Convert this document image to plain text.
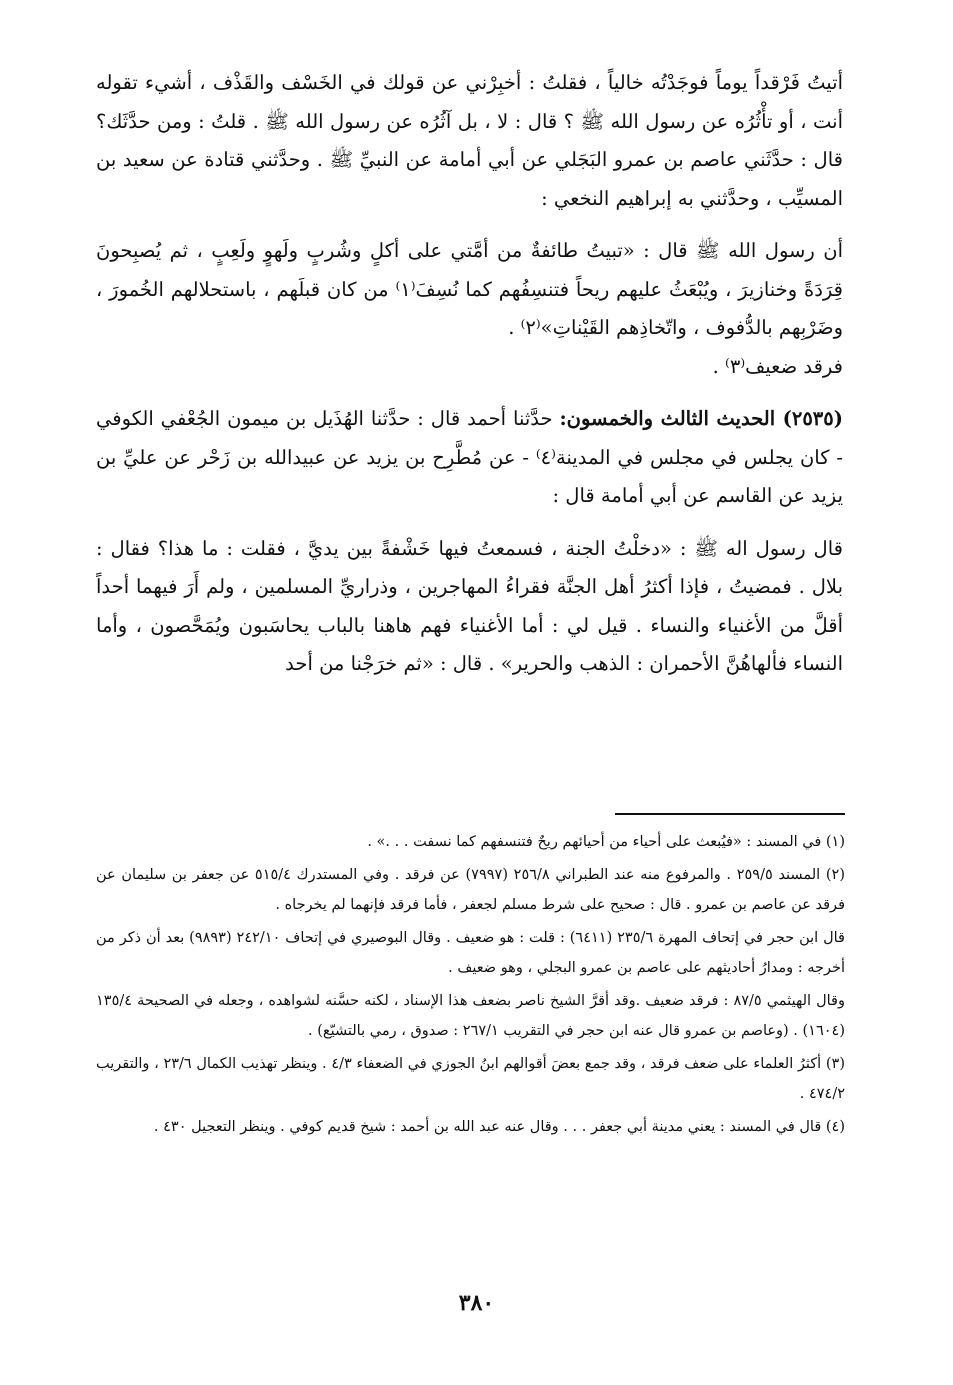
أتيتُ فَرْقداً يوماً فوجَدْتُه خالياً ، فقلتُ : أخبِرْني عن قولك في الخَسْف والقَذْف ، أشيء تقوله أنت ، أو تأْثُرُه عن رسول الله ﷺ ؟ قال : لا ، بل آثُرُه عن رسول الله ﷺ . قلتُ : ومن حدَّثَك؟ قال : حدَّثَني عاصم بن عمرو البَجَلي عن أبي أمامة عن النبيِّ ﷺ . وحدَّثني قتادة عن سعيد بن المسيِّب ، وحدَّثني به إبراهيم النخعي :

أن رسول الله ﷺ قال : «تبيتُ طائفةٌ من أمَّتي على أكلٍ وشُربٍ ولَهوٍ ولَعِبٍ ، ثم يُصبِحونَ قِرَدَةً وخنازيرَ ، ويُبْعَثُ عليهم ريحاً فتنسِفُهم كما نُسِفَ⁽١⁾ من كان قبلَهم ، باستحلالهم الخُمورَ ، وضَرْبِهم بالدُّفوف ، واتّخاذِهم القَيْناتِ»⁽٢⁾ .

فرقد ضعيف⁽٣⁾ .

(٢٥٣٥) الحديث الثالث والخمسون: حدَّثنا أحمد قال : حدَّثنا الهُذَيل بن ميمون الجُعْفي الكوفي - كان يجلس في مجلس في المدينة⁽٤⁾ - عن مُطَّرِح بن يزيد عن عبيدالله بن زَحْر عن عليِّ بن يزيد عن القاسم عن أبي أمامة قال :

قال رسول اله ﷺ : «دخلْتُ الجنة ، فسمعتُ فيها خَشْفةً بين يديَّ ، فقلت : ما هذا؟ فقال : بلال . فمضيتُ ، فإذا أكثرُ أهل الجنَّة فقراءُ المهاجرين ، وذراريِّ المسلمين ، ولم أَرَ فيهما أحداً أقلَّ من الأغنياء والنساء . قيل لي : أما الأغنياء فهم هاهنا بالباب يحاسَبون ويُمَحَّصون ، وأما النساء فألهاهُنَّ الأحمران : الذهب والحرير» . قال : «ثم خرَجْنا من أحد

(١) في المسند : «فيُبعث على أحياء من أحيائهم ريحٌ فتنسفهم كما نسفت . . .» .

(٢) المسند ٢٥٩/٥ . والمرفوع منه عند الطبراني ٢٥٦/٨ (٧٩٩٧) عن فرقد . وفي المستدرك ٥١٥/٤ عن جعفر بن سليمان عن فرقد عن عاصم بن عمرو . قال : صحيح على شرط مسلم لجعفر ، فأما فرقد فإنهما لم يخرجاه .

قال ابن حجر في إتحاف المهرة ٢٣٥/٦ (٦٤١١) : قلت : هو ضعيف . وقال البوصيري في إتحاف ٢٤٢/١٠ (٩٨٩٣) بعد أن ذكر من أخرجه : ومدارُ أحاديثهم على عاصم بن عمرو البجلي ، وهو ضعيف .

وقال الهيثمي ٨٧/٥ : فرقد ضعيف .وقد أقرَّ الشيخ ناصر بضعف هذا الإسناد ، لكنه حسَّنه لشواهده ، وجعله في الصحيحة ١٣٥/٤ (١٦٠٤) . (وعاصم بن عمرو قال عنه ابن حجر في التقريب ٢٦٧/١ : صدوق ، رمي بالتشيّع) .

(٣) أكثرُ العلماء على ضعف فرقد ، وقد جمع بعضَ أقوالهم ابنُ الجوزي في الضعفاء ٤/٣ . وينظر تهذيب الكمال ٢٣/٦ ، والتقريب ٤٧٤/٢ .

(٤) قال في المسند : يعني مدينة أبي جعفر . . . وقال عنه عبد الله بن أحمد : شيخ قديم كوفي . وينظر التعجيل ٤٣٠ .

٣٨٠
